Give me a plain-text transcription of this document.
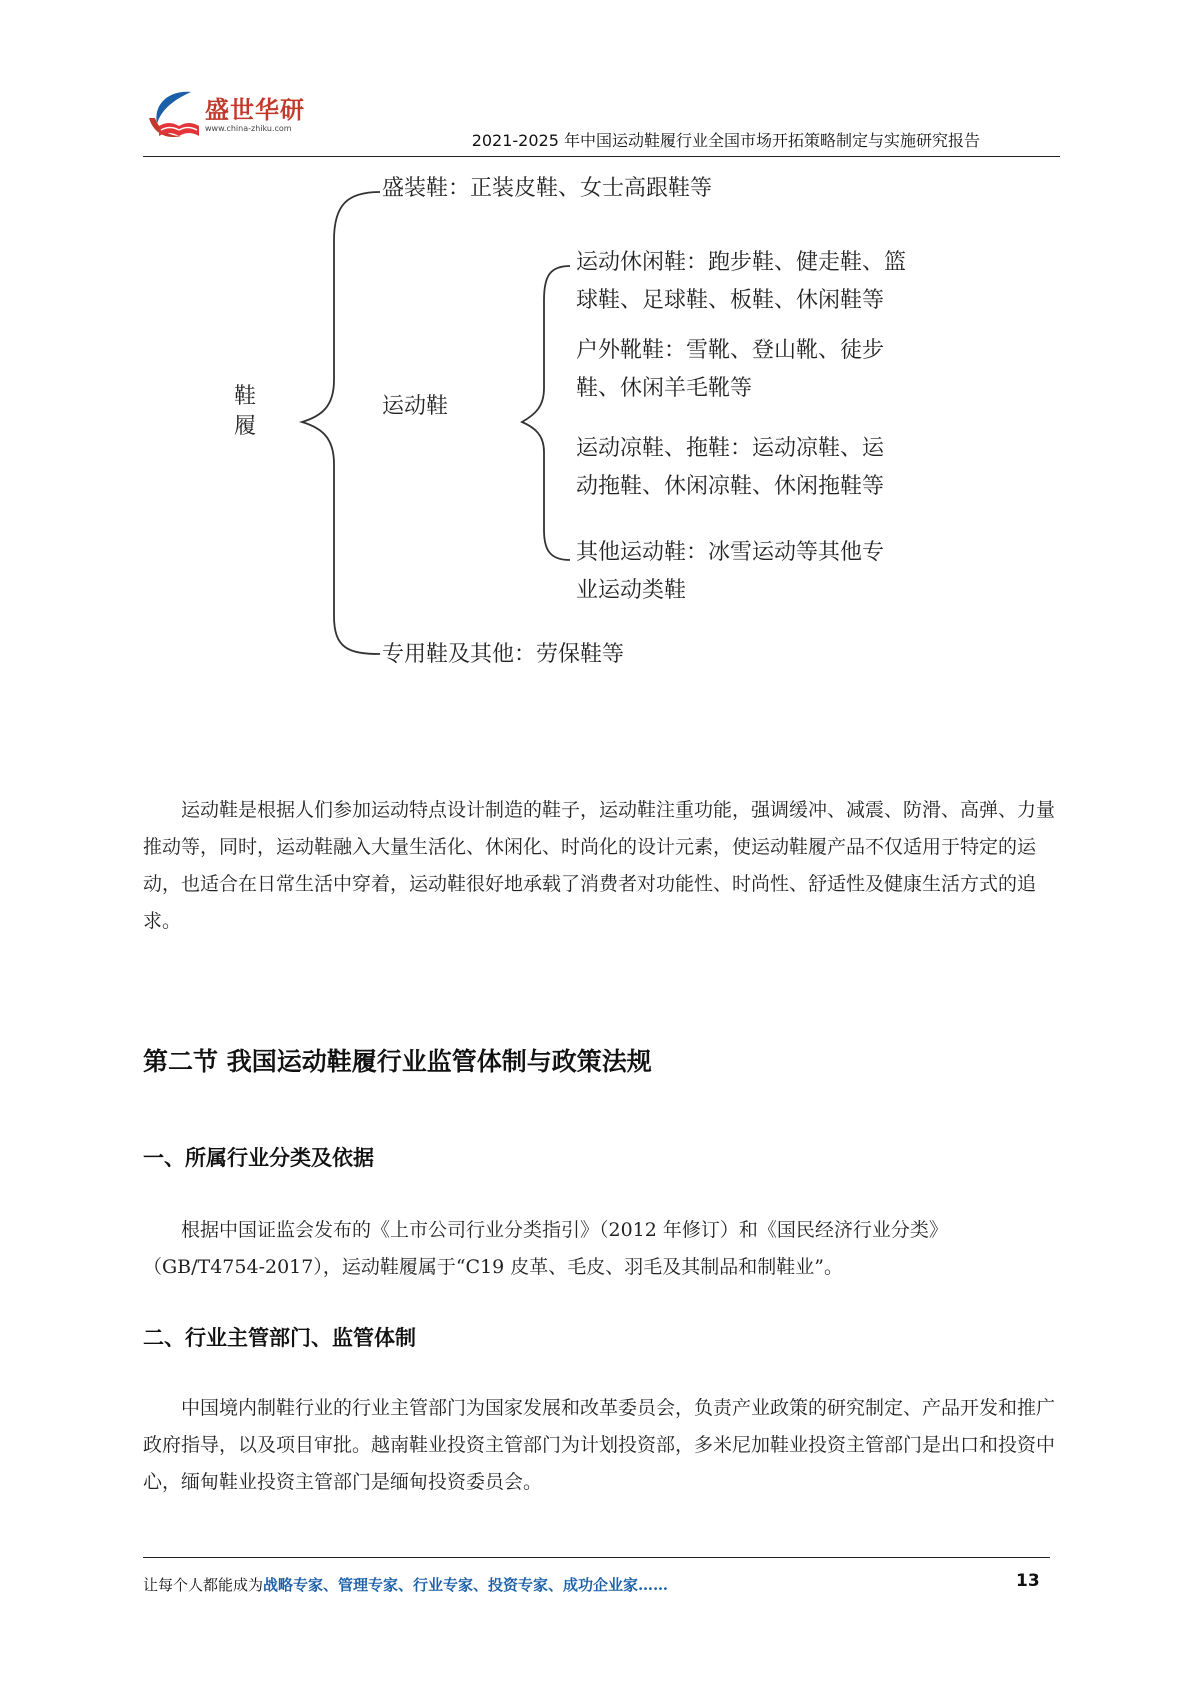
盛世华研
www.china-zhiku.com
2021-2025 年中国运动鞋履行业全国市场开拓策略制定与实施研究报告
鞋
履
盛装鞋：正装皮鞋、女士高跟鞋等
运动鞋
运动休闲鞋：跑步鞋、健走鞋、篮
球鞋、足球鞋、板鞋、休闲鞋等
户外靴鞋：雪靴、登山靴、徒步
鞋、休闲羊毛靴等
运动凉鞋、拖鞋：运动凉鞋、运
动拖鞋、休闲凉鞋、休闲拖鞋等
其他运动鞋：冰雪运动等其他专
业运动类鞋
专用鞋及其他：劳保鞋等

运动鞋是根据人们参加运动特点设计制造的鞋子，运动鞋注重功能，强调缓冲、减震、防滑、高弹、力量推动等，同时，运动鞋融入大量生活化、休闲化、时尚化的设计元素，使运动鞋履产品不仅适用于特定的运动，也适合在日常生活中穿着，运动鞋很好地承载了消费者对功能性、时尚性、舒适性及健康生活方式的追求。

第二节 我国运动鞋履行业监管体制与政策法规
一、所属行业分类及依据

根据中国证监会发布的《上市公司行业分类指引》（2012 年修订）和《国民经济行业分类》（GB/T4754-2017），运动鞋履属于“C19 皮革、毛皮、羽毛及其制品和制鞋业”。

二、行业主管部门、监管体制

中国境内制鞋行业的行业主管部门为国家发展和改革委员会，负责产业政策的研究制定、产品开发和推广政府指导，以及项目审批。越南鞋业投资主管部门为计划投资部，多米尼加鞋业投资主管部门是出口和投资中心，缅甸鞋业投资主管部门是缅甸投资委员会。

让每个人都能成为战略专家、管理专家、行业专家、投资专家、成功企业家……	13
